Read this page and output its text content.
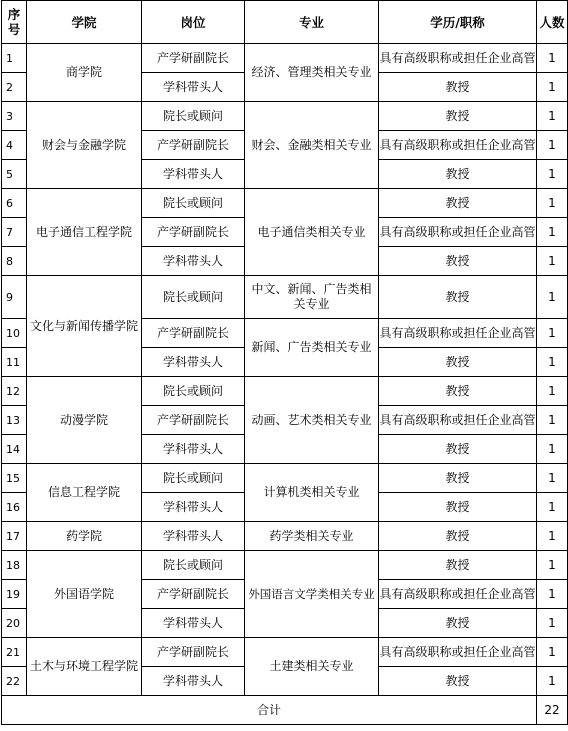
序号	学院	岗位	专业	学历/职称	人数
1	商学院	产学研副院长	经济、管理类相关专业	具有高级职称或担任企业高管	1
2		学科带头人		教授	1
3	财会与金融学院	院长或顾问	财会、金融类相关专业	教授	1
4		产学研副院长		具有高级职称或担任企业高管	1
5		学科带头人		教授	1
6	电子通信工程学院	院长或顾问	电子通信类相关专业	教授	1
7		产学研副院长		具有高级职称或担任企业高管	1
8		学科带头人		教授	1
9	文化与新闻传播学院	院长或顾问	中文、新闻、广告类相关专业	教授	1
10		产学研副院长	新闻、广告类相关专业	具有高级职称或担任企业高管	1
11		学科带头人		教授	1
12	动漫学院	院长或顾问	动画、艺术类相关专业	教授	1
13		产学研副院长		具有高级职称或担任企业高管	1
14		学科带头人		教授	1
15	信息工程学院	院长或顾问	计算机类相关专业	教授	1
16		学科带头人		教授	1
17	药学院	学科带头人	药学类相关专业	教授	1
18	外国语学院	院长或顾问	外国语言文学类相关专业	教授	1
19		产学研副院长		具有高级职称或担任企业高管	1
20		学科带头人		教授	1
21	土木与环境工程学院	产学研副院长	土建类相关专业	具有高级职称或担任企业高管	1
22		学科带头人		教授	1
合计					22
